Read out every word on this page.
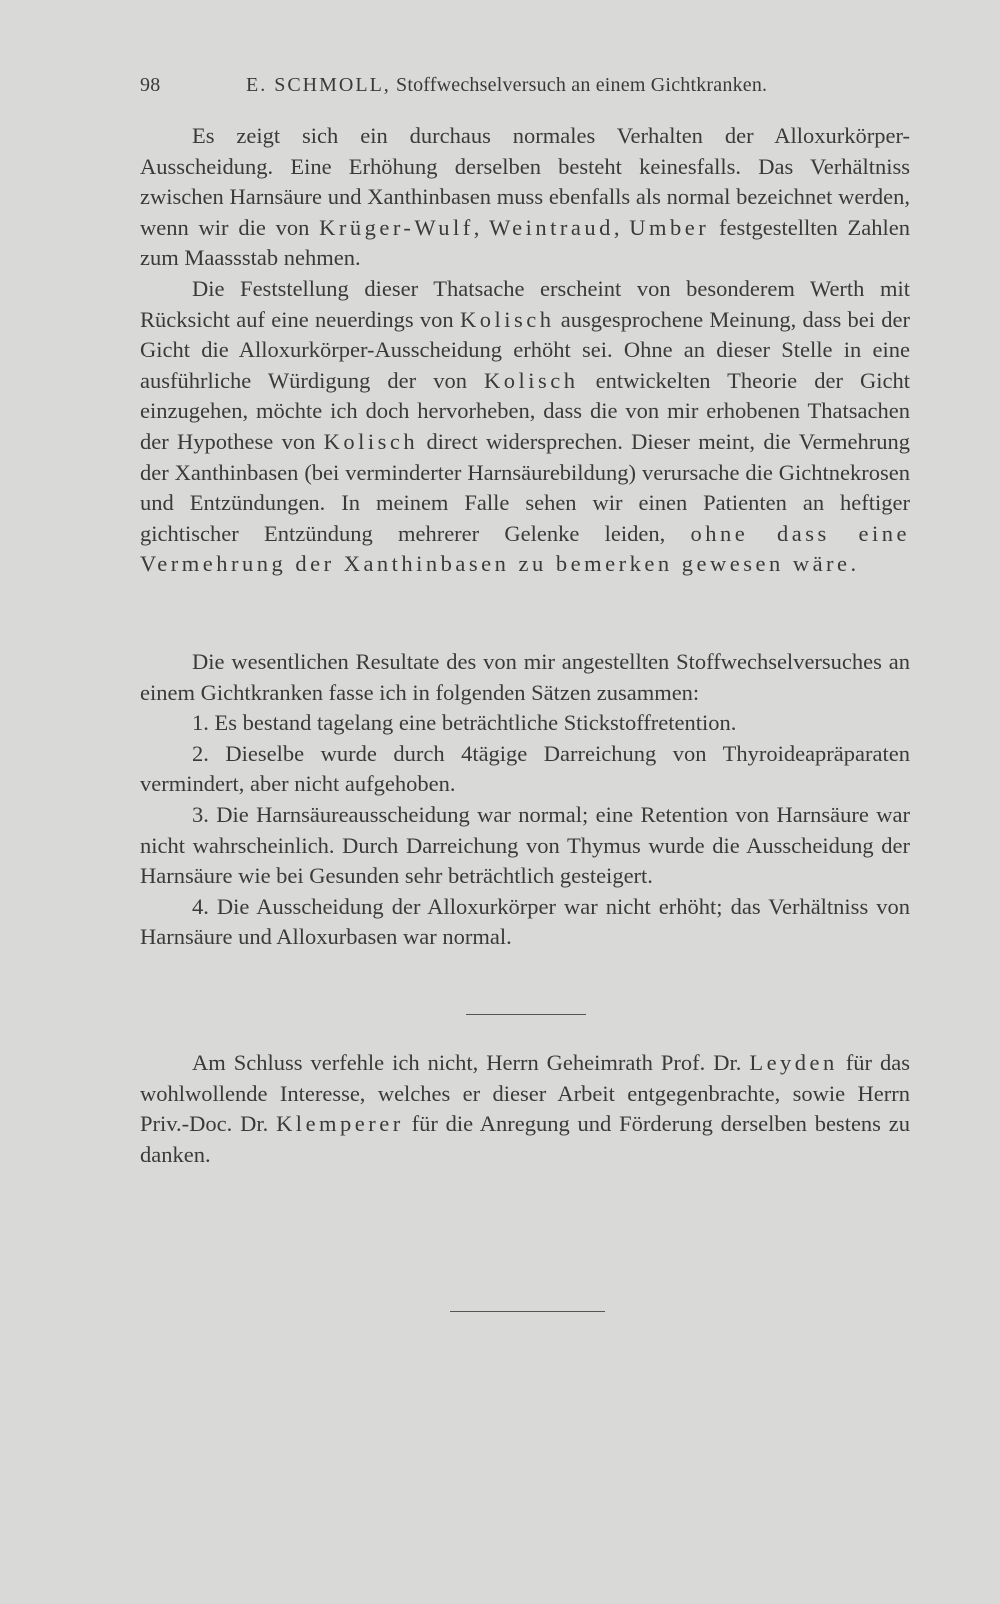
98	E. SCHMOLL, Stoffwechselversuch an einem Gichtkranken.

Es zeigt sich ein durchaus normales Verhalten der Alloxurkörper-Ausscheidung. Eine Erhöhung derselben besteht keinesfalls. Das Verhältniss zwischen Harnsäure und Xanthinbasen muss ebenfalls als normal bezeichnet werden, wenn wir die von Krüger-Wulf, Weintraud, Umber festgestellten Zahlen zum Maassstab nehmen.

Die Feststellung dieser Thatsache erscheint von besonderem Werth mit Rücksicht auf eine neuerdings von Kolisch ausgesprochene Meinung, dass bei der Gicht die Alloxurkörper-Ausscheidung erhöht sei. Ohne an dieser Stelle in eine ausführliche Würdigung der von Kolisch entwickelten Theorie der Gicht einzugehen, möchte ich doch hervorheben, dass die von mir erhobenen Thatsachen der Hypothese von Kolisch direct widersprechen. Dieser meint, die Vermehrung der Xanthinbasen (bei verminderter Harnsäurebildung) verursache die Gichtnekrosen und Entzündungen. In meinem Falle sehen wir einen Patienten an heftiger gichtischer Entzündung mehrerer Gelenke leiden, ohne dass eine Vermehrung der Xanthinbasen zu bemerken gewesen wäre.

Die wesentlichen Resultate des von mir angestellten Stoffwechselversuches an einem Gichtkranken fasse ich in folgenden Sätzen zusammen:

1. Es bestand tagelang eine beträchtliche Stickstoffretention.

2. Dieselbe wurde durch 4tägige Darreichung von Thyroideapräparaten vermindert, aber nicht aufgehoben.

3. Die Harnsäureausscheidung war normal; eine Retention von Harnsäure war nicht wahrscheinlich. Durch Darreichung von Thymus wurde die Ausscheidung der Harnsäure wie bei Gesunden sehr beträchtlich gesteigert.

4. Die Ausscheidung der Alloxurkörper war nicht erhöht; das Verhältniss von Harnsäure und Alloxurbasen war normal.

Am Schluss verfehle ich nicht, Herrn Geheimrath Prof. Dr. Leyden für das wohlwollende Interesse, welches er dieser Arbeit entgegenbrachte, sowie Herrn Priv.-Doc. Dr. Klemperer für die Anregung und Förderung derselben bestens zu danken.
